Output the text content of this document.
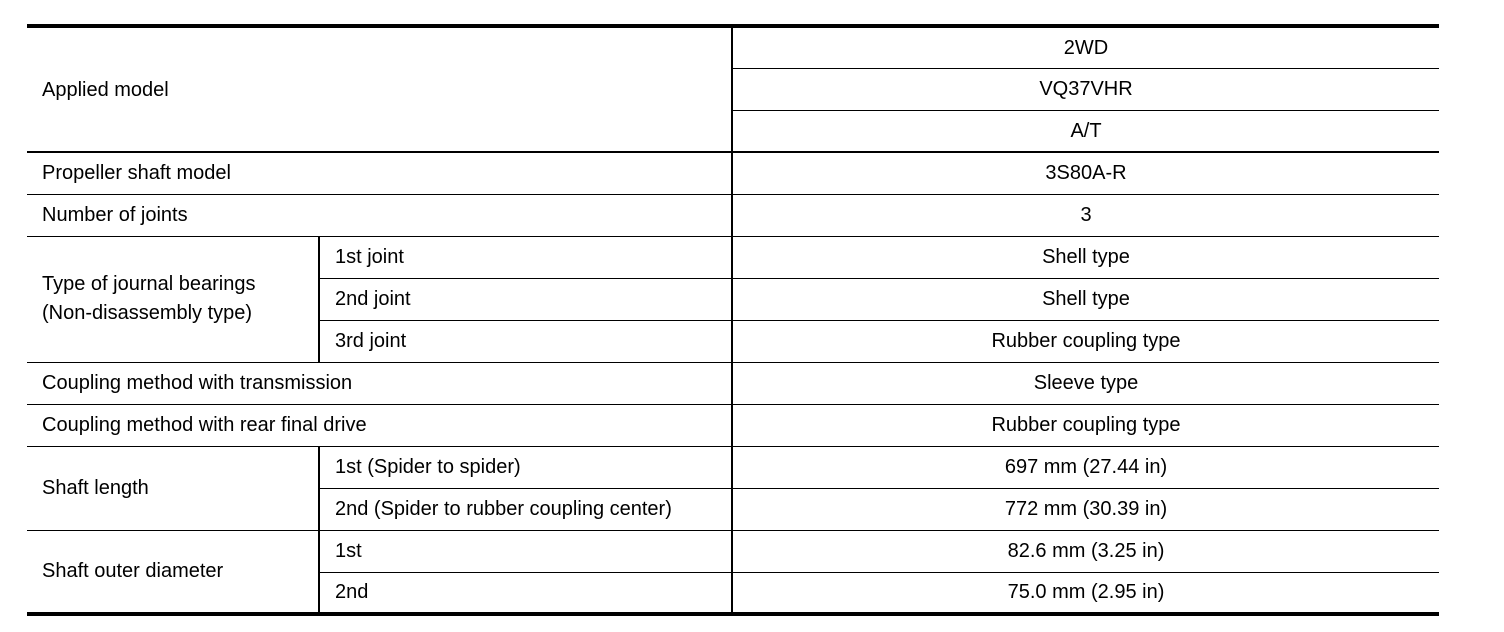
Applied model		2WD
		VQ37VHR
		A/T
Propeller shaft model		3S80A-R
Number of joints		3
Type of journal bearings
(Non-disassembly type)	1st joint	Shell type
	2nd joint	Shell type
	3rd joint	Rubber coupling type
Coupling method with transmission		Sleeve type
Coupling method with rear final drive		Rubber coupling type
Shaft length	1st (Spider to spider)	697 mm (27.44 in)
	2nd (Spider to rubber coupling center)	772 mm (30.39 in)
Shaft outer diameter	1st	82.6 mm (3.25 in)
	2nd	75.0 mm (2.95 in)
